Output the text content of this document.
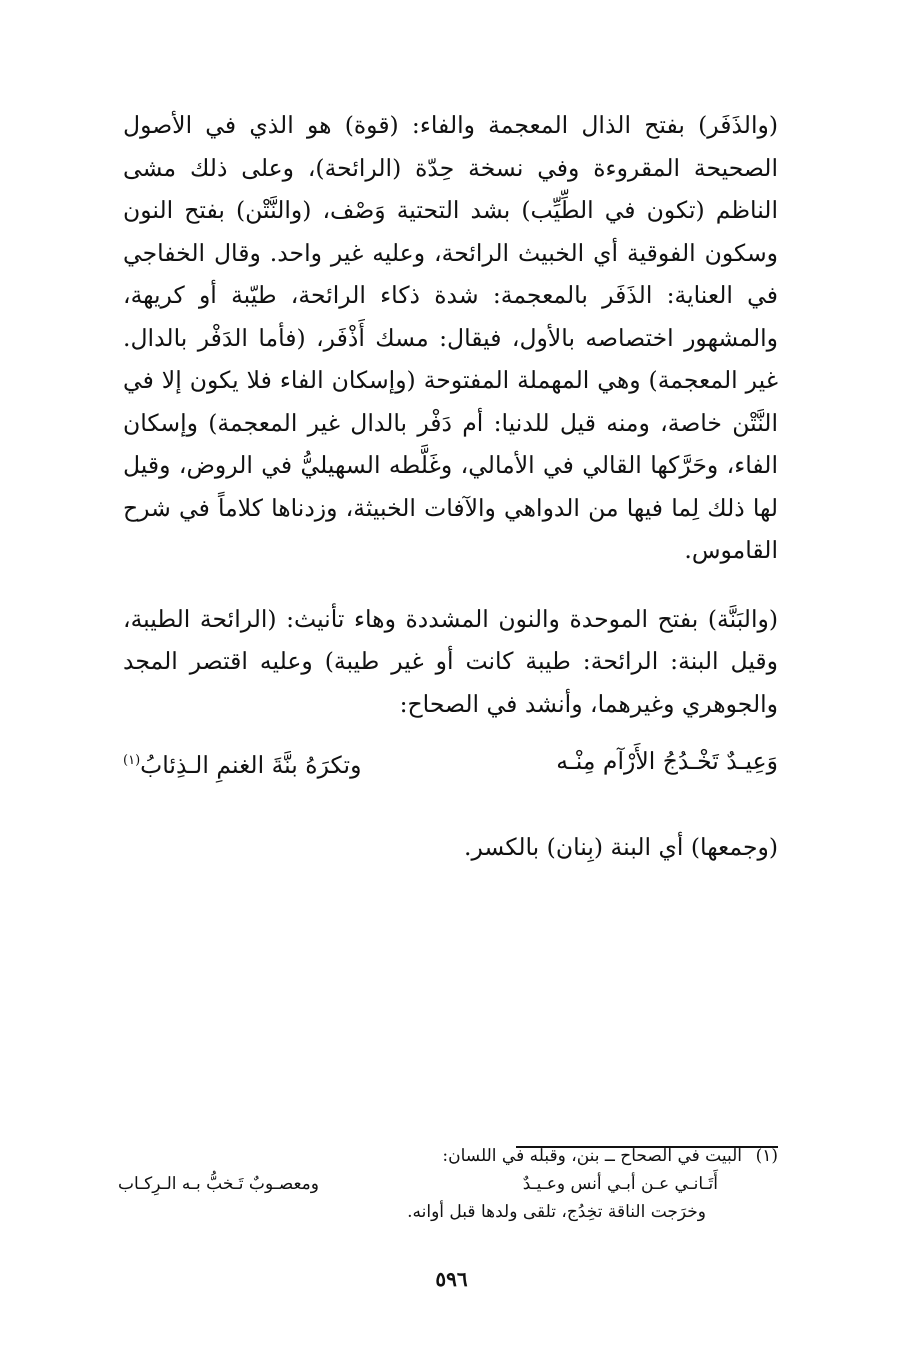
(والذَفَر) بفتح الذال المعجمة والفاء: (قوة) هو الذي في الأصول الصحيحة المقروءة وفي نسخة حِدّة (الرائحة)، وعلى ذلك مشى الناظم (تكون في الطِّيِّب) بشد التحتية وَصْف، (والنَّتْن) بفتح النون وسكون الفوقية أي الخبيث الرائحة، وعليه غير واحد. وقال الخفاجي في العناية: الذَفَر بالمعجمة: شدة ذكاء الرائحة، طيّبة أو كريهة، والمشهور اختصاصه بالأول، فيقال: مسك أَذْفَر، (فأما الدَفْر بالدال. غير المعجمة) وهي المهملة المفتوحة (وإسكان الفاء فلا يكون إلا في النَّتْن خاصة، ومنه قيل للدنيا: أم دَفْر بالدال غير المعجمة) وإسكان الفاء، وحَرَّكها القالي في الأمالي، وغَلَّطه السهيليُّ في الروض، وقيل لها ذلك لِما فيها من الدواهي والآفات الخبيثة، وزدناها كلاماً في شرح القاموس.

(والبَنَّة) بفتح الموحدة والنون المشددة وهاء تأنيث: (الرائحة الطيبة، وقيل البنة: الرائحة: طيبة كانت أو غير طيبة) وعليه اقتصر المجد والجوهري وغيرهما، وأنشد في الصحاح:

وَعِيـدٌ تَخْـدُجُ الأَرْآم مِنْـه
وتكرَهُ بنَّةَ الغنمِ الـذِئابُ$^{(١)}$

(وجمعها) أي البنة (بِنان) بالكسر.

(١)
البيت في الصحاح ــ بنن، وقبله في اللسان:
أَتَـانـي عـن أبـي أنس وعـيـدٌ
ومعصـوبٌ تَـخبُّ بـه الـرِكـاب
وخرَجت الناقة تخِدُج، تلقى ولدها قبل أوانه.
٥٩٦
